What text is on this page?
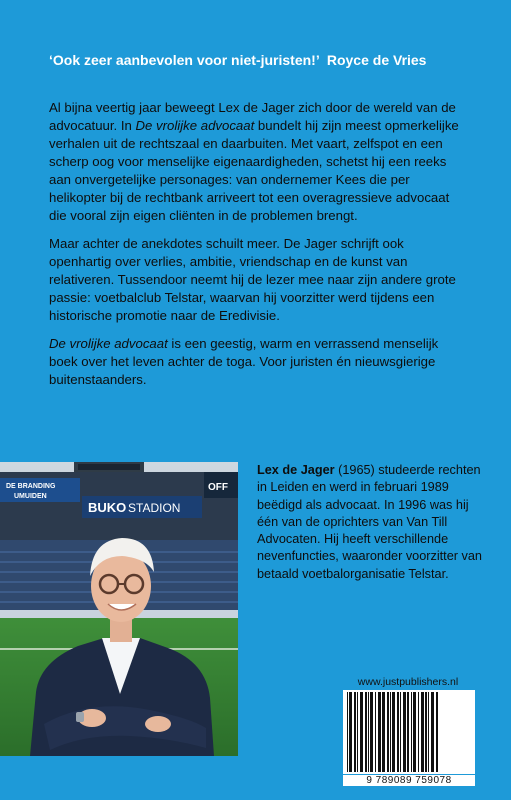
‘Ook zeer aanbevolen voor niet-juristen!’ Royce de Vries

Al bijna veertig jaar beweegt Lex de Jager zich door de wereld van de advocatuur. In De vrolijke advocaat bundelt hij zijn meest opmerkelijke verhalen uit de rechtszaal en daarbuiten. Met vaart, zelfspot en een scherp oog voor menselijke eigenaardigheden, schetst hij een reeks aan onvergetelijke personages: van ondernemer Kees die per helikopter bij de rechtbank arriveert tot een overagressieve advocaat die vooral zijn eigen cliënten in de problemen brengt.

Maar achter de anekdotes schuilt meer. De Jager schrijft ook openhartig over verlies, ambitie, vriendschap en de kunst van relativeren. Tussendoor neemt hij de lezer mee naar zijn andere grote passie: voetbalclub Telstar, waarvan hij voorzitter werd tijdens een historische promotie naar de Eredivisie.

De vrolijke advocaat is een geestig, warm en verrassend menselijk boek over het leven achter de toga. Voor juristen én nieuwsgierige buitenstaanders.

DE BRANDING
UMUIDEN
BUKO STADION
OFF
Lex de Jager (1965) studeerde rechten in Leiden en werd in februari 1989 beëdigd als advocaat. In 1996 was hij één van de oprichters van Van Till Advocaten. Hij heeft verschillende nevenfuncties, waaronder voorzitter van betaald voetbalorganisatie Telstar.
www.justpublishers.nl
9 789089 759078
